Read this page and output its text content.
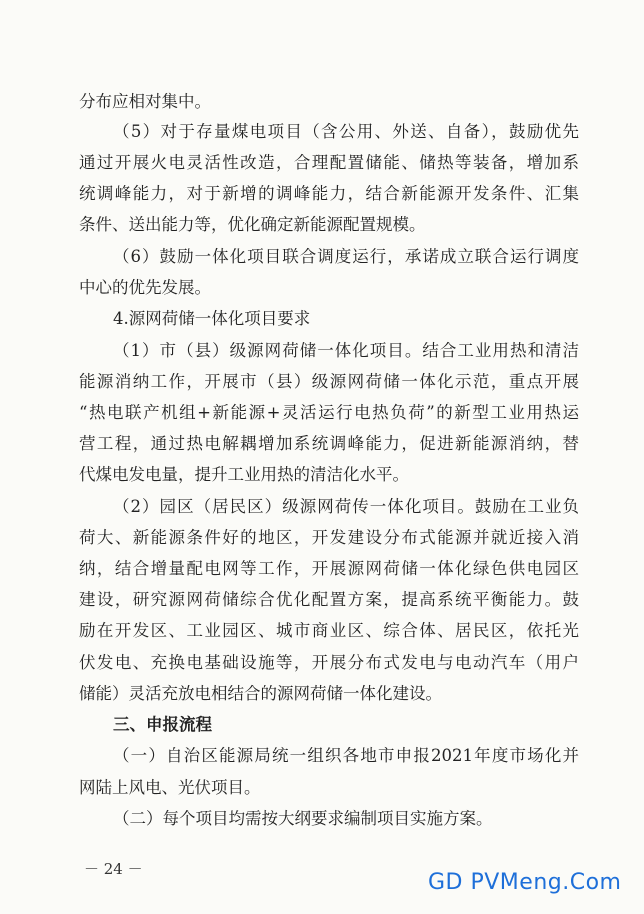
分布应相对集中。

（5）对于存量煤电项目（含公用、外送、自备），鼓励优先

通过开展火电灵活性改造，合理配置储能、储热等装备，增加系

统调峰能力，对于新增的调峰能力，结合新能源开发条件、汇集

条件、送出能力等，优化确定新能源配置规模。

（6）鼓励一体化项目联合调度运行，承诺成立联合运行调度

中心的优先发展。

4.源网荷储一体化项目要求

（1）市（县）级源网荷储一体化项目。结合工业用热和清洁

能源消纳工作，开展市（县）级源网荷储一体化示范，重点开展

“热电联产机组+新能源+灵活运行电热负荷”的新型工业用热运

营工程，通过热电解耦增加系统调峰能力，促进新能源消纳，替

代煤电发电量，提升工业用热的清洁化水平。

（2）园区（居民区）级源网荷传一体化项目。鼓励在工业负

荷大、新能源条件好的地区，开发建设分布式能源并就近接入消

纳，结合增量配电网等工作，开展源网荷储一体化绿色供电园区

建设，研究源网荷储综合优化配置方案，提高系统平衡能力。鼓

励在开发区、工业园区、城市商业区、综合体、居民区，依托光

伏发电、充换电基础设施等，开展分布式发电与电动汽车（用户

储能）灵活充放电相结合的源网荷储一体化建设。

三、申报流程

（一）自治区能源局统一组织各地市申报2021年度市场化并

网陆上风电、光伏项目。

（二）每个项目均需按大纲要求编制项目实施方案。

－ 24 －
GD PVMeng.Com
